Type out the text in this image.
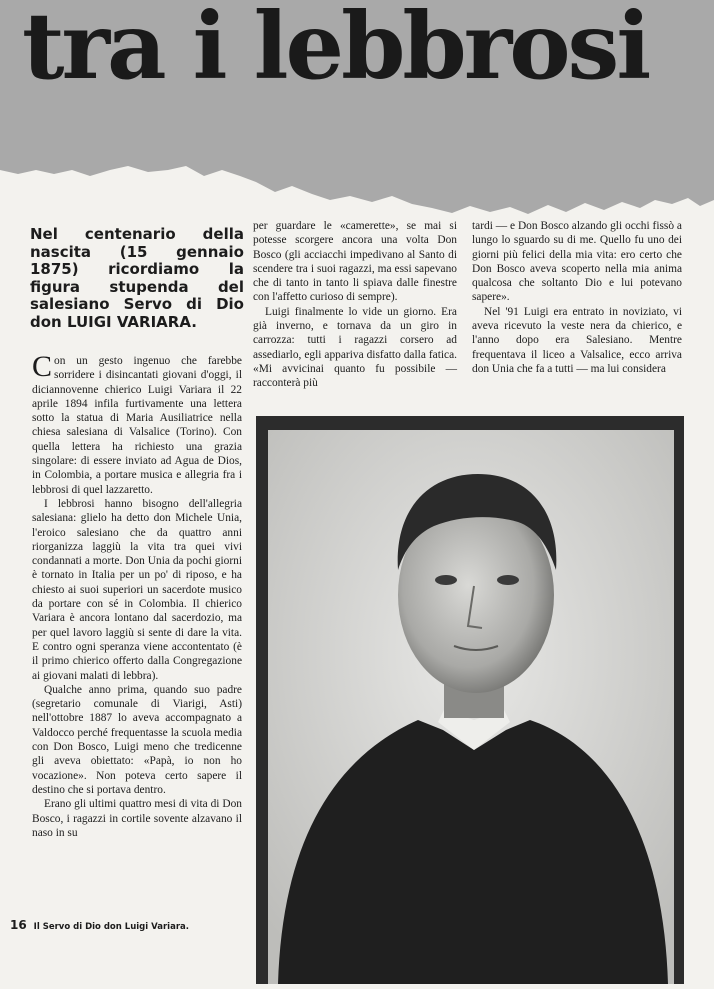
tra i lebbrosi

Nel centenario della nascita (15 gennaio 1875) ricordiamo la figura stupenda del salesiano Servo di Dio don LUIGI VARIARA.

Con un gesto ingenuo che farebbe sorridere i disincantati giovani d'oggi, il diciannovenne chierico Luigi Variara il 22 aprile 1894 infila furtivamente una lettera sotto la statua di Maria Ausiliatrice nella chiesa salesiana di Valsalice (Torino). Con quella lettera ha richiesto una grazia singolare: di essere inviato ad Agua de Dios, in Colombia, a portare musica e allegria fra i lebbrosi di quel lazzaretto.

I lebbrosi hanno bisogno dell'allegria salesiana: glielo ha detto don Michele Unia, l'eroico salesiano che da quattro anni riorganizza laggiù la vita tra quei vivi condannati a morte. Don Unia da pochi giorni è tornato in Italia per un po' di riposo, e ha chiesto ai suoi superiori un sacerdote musico da portare con sé in Colombia. Il chierico Variara è ancora lontano dal sacerdozio, ma per quel lavoro laggiù si sente di dare la vita. E contro ogni speranza viene accontentato (è il primo chierico offerto dalla Congregazione ai giovani malati di lebbra).

Qualche anno prima, quando suo padre (segretario comunale di Viarigi, Asti) nell'ottobre 1887 lo aveva accompagnato a Valdocco perché frequentasse la scuola media con Don Bosco, Luigi meno che tredicenne gli aveva obiettato: «Papà, io non ho vocazione». Non poteva certo sapere il destino che si portava dentro.

Erano gli ultimi quattro mesi di vita di Don Bosco, i ragazzi in cortile sovente alzavano il naso in su

per guardare le «camerette», se mai si potesse scorgere ancora una volta Don Bosco (gli acciacchi impedivano al Santo di scendere tra i suoi ragazzi, ma essi sapevano che di tanto in tanto li spiava dalle finestre con l'affetto curioso di sempre).

Luigi finalmente lo vide un giorno. Era già inverno, e tornava da un giro in carrozza: tutti i ragazzi corsero ad assediarlo, egli appariva disfatto dalla fatica. «Mi avvicinai quanto fu possibile — racconterà più

tardi — e Don Bosco alzando gli occhi fissò a lungo lo sguardo su di me. Quello fu uno dei giorni più felici della mia vita: ero certo che Don Bosco aveva scoperto nella mia anima qualcosa che soltanto Dio e lui potevano sapere».

Nel '91 Luigi era entrato in noviziato, vi aveva ricevuto la veste nera da chierico, e l'anno dopo era Salesiano. Mentre frequentava il liceo a Valsalice, ecco arriva don Unia che fa a tutti — ma lui considera

16 Il Servo di Dio don Luigi Variara.
